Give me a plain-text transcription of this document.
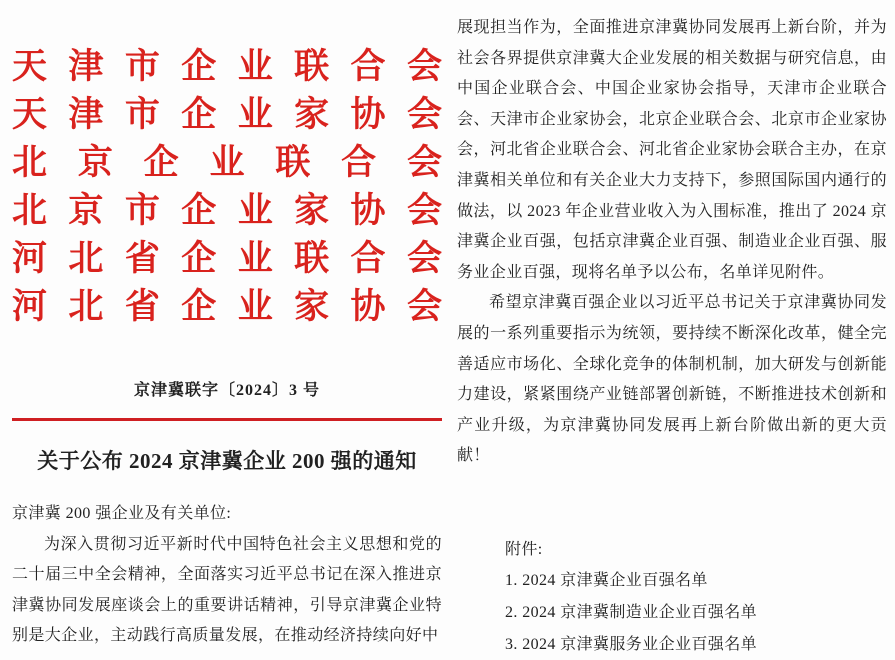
天 津 市 企 业 联 合 会
天 津 市 企 业 家 协 会
北 京 企 业 联 合 会
北 京 市 企 业 家 协 会
河 北 省 企 业 联 合 会
河 北 省 企 业 家 协 会
京津冀联字〔2024〕3 号
关于公布 2024 京津冀企业 200 强的通知

京津冀 200 强企业及有关单位:

为深入贯彻习近平新时代中国特色社会主义思想和党的二十届三中全会精神，全面落实习近平总书记在深入推进京津冀协同发展座谈会上的重要讲话精神，引导京津冀企业特别是大企业，主动践行高质量发展，在推动经济持续向好中

展现担当作为，全面推进京津冀协同发展再上新台阶，并为社会各界提供京津冀大企业发展的相关数据与研究信息，由中国企业联合会、中国企业家协会指导，天津市企业联合会、天津市企业家协会，北京企业联合会、北京市企业家协会，河北省企业联合会、河北省企业家协会联合主办，在京津冀相关单位和有关企业大力支持下，参照国际国内通行的做法，以 2023 年企业营业收入为入围标准，推出了 2024 京津冀企业百强，包括京津冀企业百强、制造业企业百强、服务业企业百强，现将名单予以公布，名单详见附件。

希望京津冀百强企业以习近平总书记关于京津冀协同发展的一系列重要指示为统领，要持续不断深化改革，健全完善适应市场化、全球化竞争的体制机制，加大研发与创新能力建设，紧紧围绕产业链部署创新链，不断推进技术创新和产业升级，为京津冀协同发展再上新台阶做出新的更大贡献！

附件:
1. 2024 京津冀企业百强名单
2. 2024 京津冀制造业企业百强名单
3. 2024 京津冀服务业企业百强名单
